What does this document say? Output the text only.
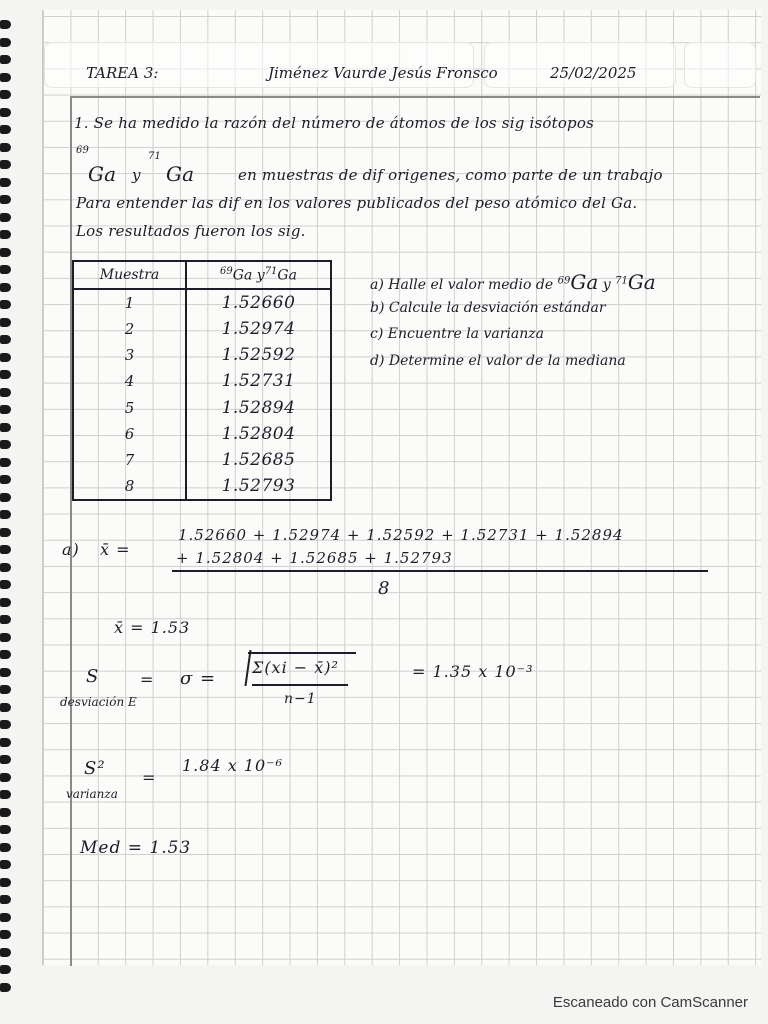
TAREA 3:	Jiménez Vaurde Jesús Fronsco	25/02/2025
1. Se ha medido la razón del número de átomos de los sig isótopos
$^{69}$
Ga y
$^{71}$
Ga	en muestras de dif origenes, como parte de un trabajo
Para entender las dif en los valores publicados del peso atómico del Ga.
Los resultados fueron los sig.
Muestra	$^{69}$Ga $y^{71}Ga$
1	1.52660
2	1.52974
3	1.52592
4	1.52731
5	1.52894
6	1.52804
7	1.52685
8	1.52793
a) Halle el valor medio de $^{69}$Ga y $^{71}$Ga
b) Calcule la desviación estándar
c) Encuentre la varianza
d) Determine el valor de la mediana
a) x̄ =
1.52660 + 1.52974 + 1.52592 + 1.52731 + 1.52894
+ 1.52804 + 1.52685 + 1.52793
8
x̄ = 1.53
S
desviación E
= σ =
Σ(xi − x̄)²
n−1
= 1.35 x 10⁻³
S²
varianza
=
1.84 x 10⁻⁶
Med = 1.53
Escaneado con CamScanner
